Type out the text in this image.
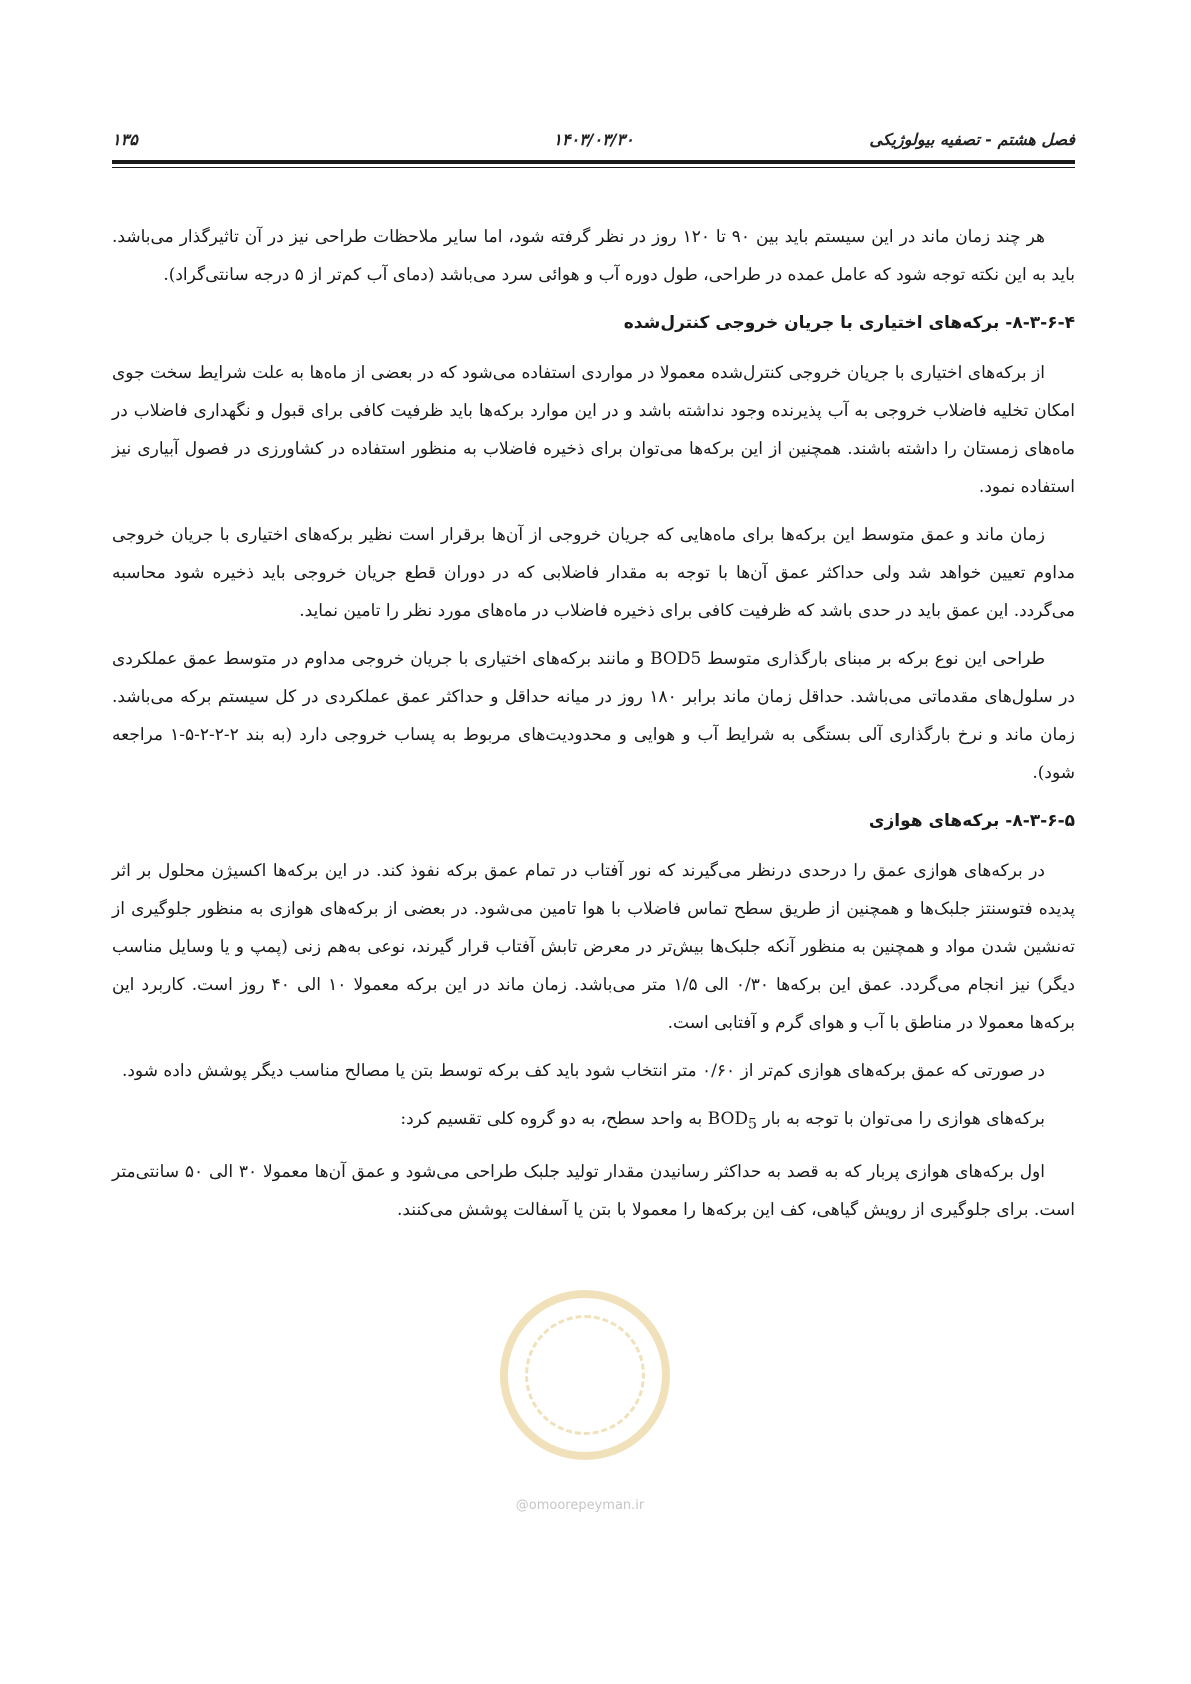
فصل هشتم - تصفیه بیولوژیکی
۱۴۰۳/۰۳/۳۰
۱۳۵

هر چند زمان ماند در این سیستم باید بین ۹۰ تا ۱۲۰ روز در نظر گرفته شود، اما سایر ملاحظات طراحی نیز در آن تاثیرگذار می‌باشد. باید به این نکته توجه شود که عامل عمده در طراحی، طول دوره آب و هوائی سرد می‌باشد (دمای آب کم‌تر از ۵ درجه سانتی‌گراد).

۸-۳-۶-۴- برکه‌های اختیاری با جریان خروجی کنترل‌شده

از برکه‌های اختیاری با جریان خروجی کنترل‌شده معمولا در مواردی استفاده می‌شود که در بعضی از ماه‌ها به علت شرایط سخت جوی امکان تخلیه فاضلاب خروجی به آب پذیرنده وجود نداشته باشد و در این موارد برکه‌ها باید ظرفیت کافی برای قبول و نگهداری فاضلاب در ماه‌های زمستان را داشته باشند. همچنین از این برکه‌ها می‌توان برای ذخیره فاضلاب به منظور استفاده در کشاورزی در فصول آبیاری نیز استفاده نمود.

زمان ماند و عمق متوسط این برکه‌ها برای ماه‌هایی که جریان خروجی از آن‌ها برقرار است نظیر برکه‌های اختیاری با جریان خروجی مداوم تعیین خواهد شد ولی حداکثر عمق آن‌ها با توجه به مقدار فاضلابی که در دوران قطع جریان خروجی باید ذخیره شود محاسبه می‌گردد. این عمق باید در حدی باشد که ظرفیت کافی برای ذخیره فاضلاب در ماه‌های مورد نظر را تامین نماید.

طراحی این نوع برکه بر مبنای بارگذاری متوسط BOD5 و مانند برکه‌های اختیاری با جریان خروجی مداوم در متوسط عمق عملکردی در سلول‌های مقدماتی می‌باشد. حداقل زمان ماند برابر ۱۸۰ روز در میانه حداقل و حداکثر عمق عملکردی در کل سیستم برکه می‌باشد. زمان ماند و نرخ بارگذاری آلی بستگی به شرایط آب و هوایی و محدودیت‌های مربوط به پساب خروجی دارد (به بند ۲-۲-۲-۵-۱ مراجعه شود).

۸-۳-۶-۵- برکه‌های هوازی

در برکه‌های هوازی عمق را درحدی درنظر می‌گیرند که نور آفتاب در تمام عمق برکه نفوذ کند. در این برکه‌ها اکسیژن محلول بر اثر پدیده فتوسنتز جلبک‌ها و همچنین از طریق سطح تماس فاضلاب با هوا تامین می‌شود. در بعضی از برکه‌های هوازی به منظور جلوگیری از ته‌نشین شدن مواد و همچنین به منظور آنکه جلبک‌ها بیش‌تر در معرض تابش آفتاب قرار گیرند، نوعی به‌هم زنی (پمپ و یا وسایل مناسب دیگر) نیز انجام می‌گردد. عمق این برکه‌ها ۰/۳۰ الی ۱/۵ متر می‌باشد. زمان ماند در این برکه معمولا ۱۰ الی ۴۰ روز است. کاربرد این برکه‌ها معمولا در مناطق با آب و هوای گرم و آفتابی است.

در صورتی که عمق برکه‌های هوازی کم‌تر از ۰/۶۰ متر انتخاب شود باید کف برکه توسط بتن یا مصالح مناسب دیگر پوشش داده شود.

برکه‌های هوازی را می‌توان با توجه به بار $BOD_5$ به واحد سطح، به دو گروه کلی تقسیم کرد:

اول برکه‌های هوازی پربار که به قصد به حداکثر رسانیدن مقدار تولید جلبک طراحی می‌شود و عمق آن‌ها معمولا ۳۰ الی ۵۰ سانتی‌متر است. برای جلوگیری از رویش گیاهی، کف این برکه‌ها را معمولا با بتن یا آسفالت پوشش می‌کنند.

@omoorepeyman.ir
